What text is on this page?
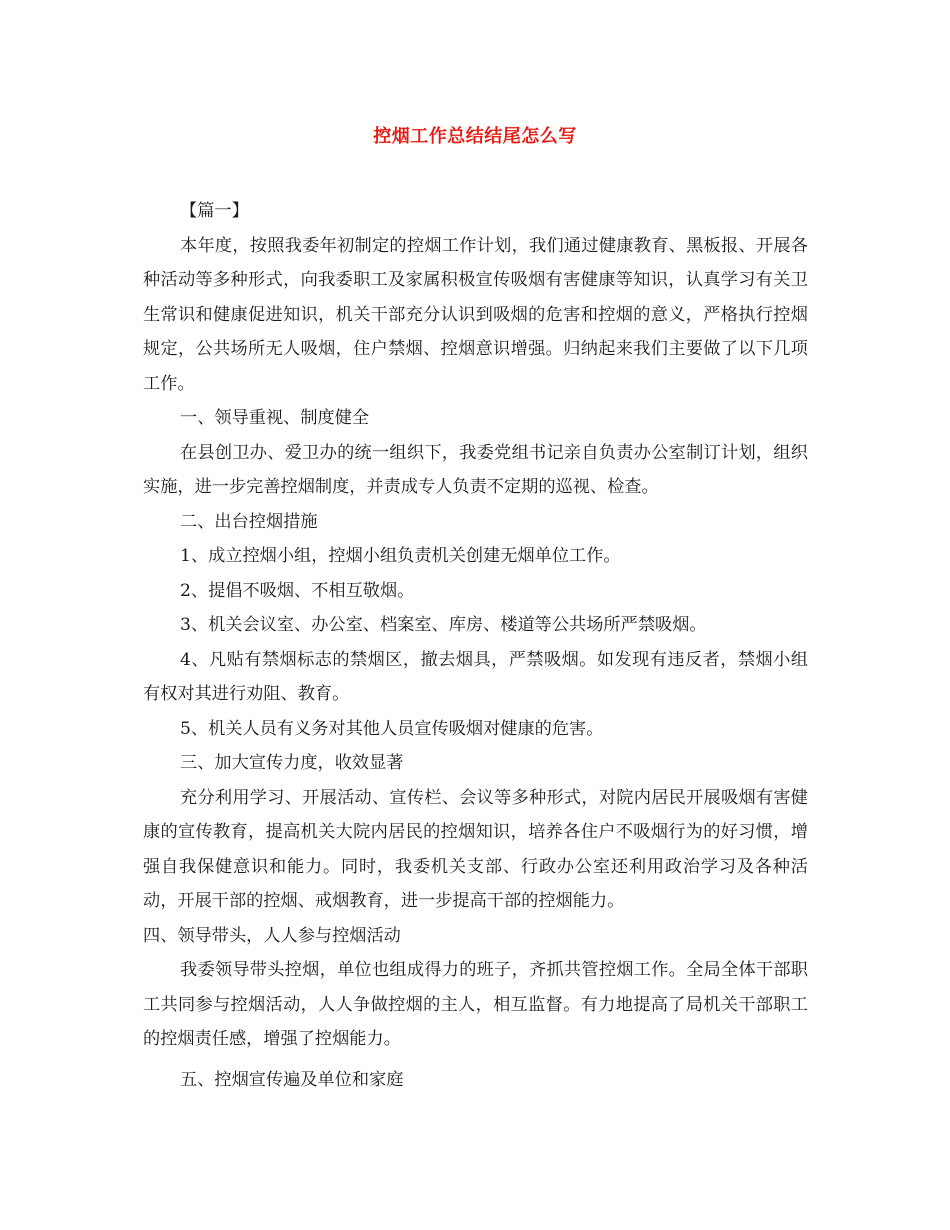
控烟工作总结结尾怎么写

【篇一】

本年度，按照我委年初制定的控烟工作计划，我们通过健康教育、黑板报、开展各种活动等多种形式，向我委职工及家属积极宣传吸烟有害健康等知识，认真学习有关卫生常识和健康促进知识，机关干部充分认识到吸烟的危害和控烟的意义，严格执行控烟规定，公共场所无人吸烟，住户禁烟、控烟意识增强。归纳起来我们主要做了以下几项工作。

一、领导重视、制度健全

在县创卫办、爱卫办的统一组织下，我委党组书记亲自负责办公室制订计划，组织实施，进一步完善控烟制度，并责成专人负责不定期的巡视、检查。

二、出台控烟措施

1、成立控烟小组，控烟小组负责机关创建无烟单位工作。

2、提倡不吸烟、不相互敬烟。

3、机关会议室、办公室、档案室、库房、楼道等公共场所严禁吸烟。

4、凡贴有禁烟标志的禁烟区，撤去烟具，严禁吸烟。如发现有违反者，禁烟小组有权对其进行劝阻、教育。

5、机关人员有义务对其他人员宣传吸烟对健康的危害。

三、加大宣传力度，收效显著

充分利用学习、开展活动、宣传栏、会议等多种形式，对院内居民开展吸烟有害健康的宣传教育，提高机关大院内居民的控烟知识，培养各住户不吸烟行为的好习惯，增强自我保健意识和能力。同时，我委机关支部、行政办公室还利用政治学习及各种活动，开展干部的控烟、戒烟教育，进一步提高干部的控烟能力。

四、领导带头，人人参与控烟活动

我委领导带头控烟，单位也组成得力的班子，齐抓共管控烟工作。全局全体干部职工共同参与控烟活动，人人争做控烟的主人，相互监督。有力地提高了局机关干部职工的控烟责任感，增强了控烟能力。

五、控烟宣传遍及单位和家庭
